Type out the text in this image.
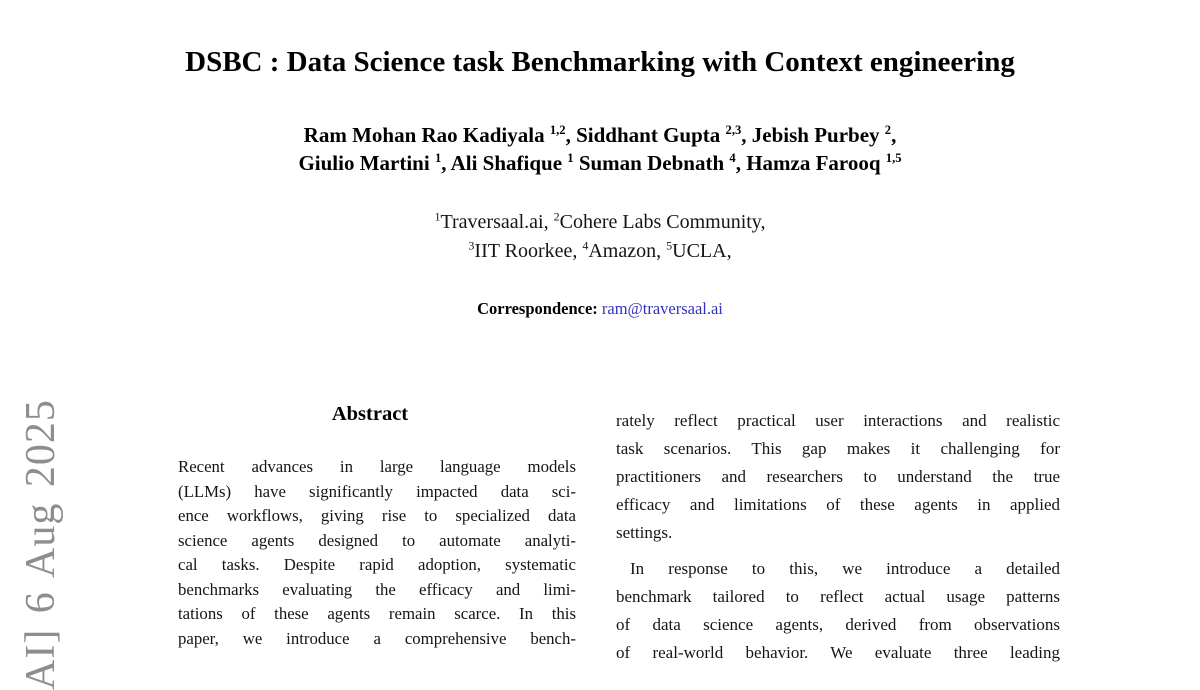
AI] 6 Aug 2025
DSBC : Data Science task Benchmarking with Context engineering
Ram Mohan Rao Kadiyala $^{1,2}$, Siddhant Gupta $^{2,3}$, Jebish Purbey $^2$,
Giulio Martini $^1$, Ali Shafique $^1$ Suman Debnath $^4$, Hamza Farooq $^{1,5}$
$^1$Traversaal.ai, $^2$Cohere Labs Community,
$^3$IIT Roorkee, $^4$Amazon, $^5$UCLA,
Correspondence: ram@traversaal.ai
Abstract
Recent advances in large language models
(LLMs) have significantly impacted data sci-
ence workflows, giving rise to specialized data
science agents designed to automate analyti-
cal tasks. Despite rapid adoption, systematic
benchmarks evaluating the efficacy and limi-
tations of these agents remain scarce. In this
paper, we introduce a comprehensive bench-
rately reflect practical user interactions and realistic
task scenarios. This gap makes it challenging for
practitioners and researchers to understand the true
efficacy and limitations of these agents in applied
settings.
In response to this, we introduce a detailed
benchmark tailored to reflect actual usage patterns
of data science agents, derived from observations
of real-world behavior. We evaluate three leading
